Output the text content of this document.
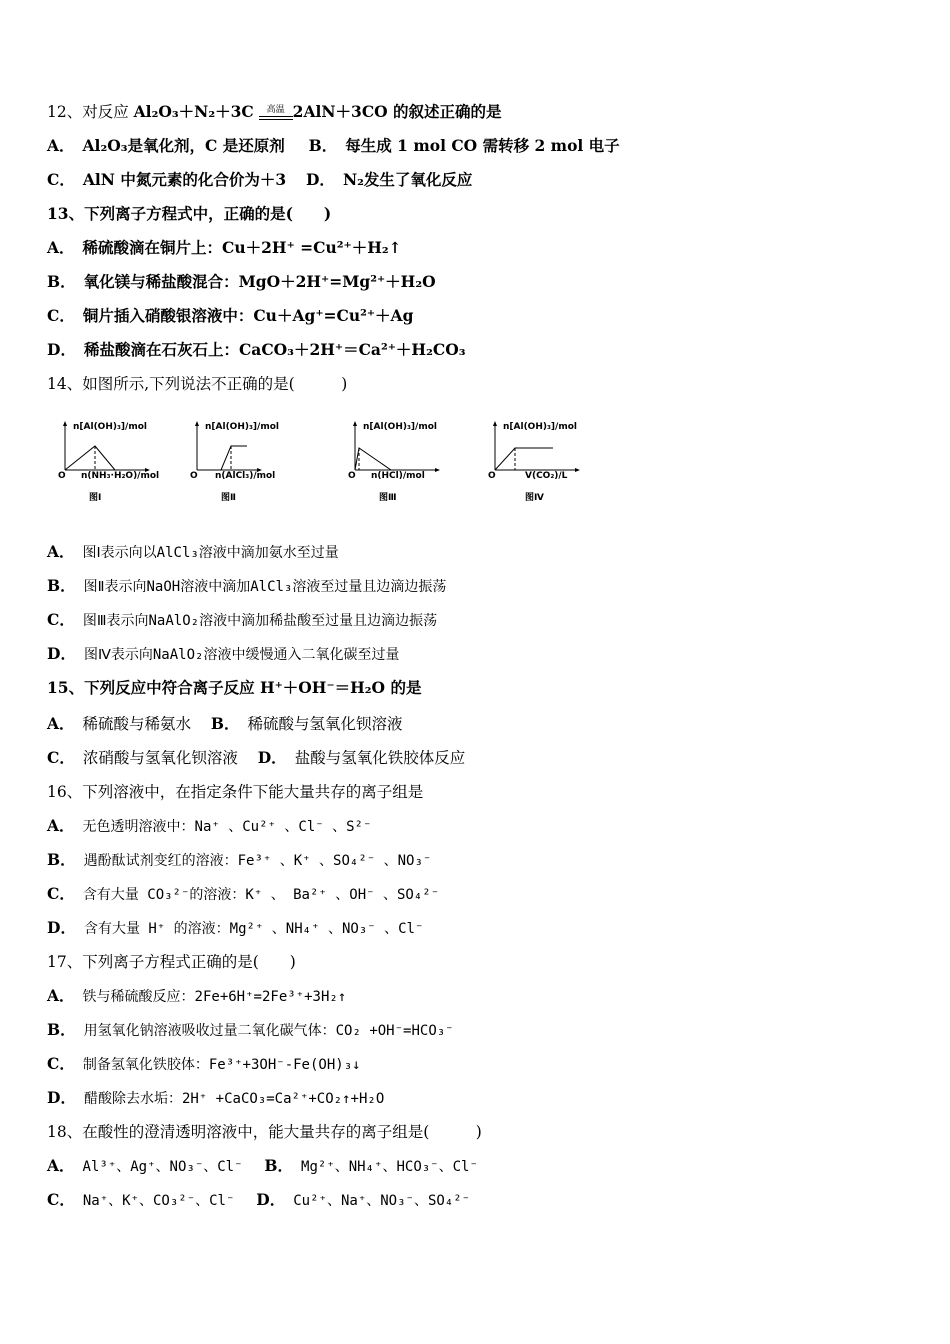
12、对反应 Al₂O₃＋N₂＋3C	高温 2AlN＋3CO 的叙述正确的是
A． Al₂O₃是氧化剂，C 是还原剂 B． 每生成 1 mol CO 需转移 2 mol 电子
C． AlN 中氮元素的化合价为＋3 D． N₂发生了氧化反应
13、下列离子方程式中，正确的是(　　)
A． 稀硫酸滴在铜片上：Cu＋2H⁺ =Cu²⁺＋H₂↑
B． 氧化镁与稀盐酸混合：MgO＋2H⁺=Mg²⁺＋H₂O
C． 铜片插入硝酸银溶液中：Cu＋Ag⁺=Cu²⁺＋Ag
D． 稀盐酸滴在石灰石上：CaCO₃＋2H⁺＝Ca²⁺＋H₂CO₃
14、如图所示,下列说法不正确的是(　　　)
n[Al(OH)₃]/mol
O n(NH₃·H₂O)/mol
图Ⅰ
n[Al(OH)₃]/mol
O n(AlCl₃)/mol
图Ⅱ
n[Al(OH)₃]/mol
O n(HCl)/mol
图Ⅲ
n[Al(OH)₃]/mol
O	V(CO₂)/L
图Ⅳ
A． 图Ⅰ表示向以AlCl₃溶液中滴加氨水至过量
B． 图Ⅱ表示向NaOH溶液中滴加AlCl₃溶液至过量且边滴边振荡
C． 图Ⅲ表示向NaAlO₂溶液中滴加稀盐酸至过量且边滴边振荡
D． 图Ⅳ表示向NaAlO₂溶液中缓慢通入二氧化碳至过量
15、下列反应中符合离子反应 H⁺＋OH⁻＝H₂O 的是
A． 稀硫酸与稀氨水 B． 稀硫酸与氢氧化钡溶液
C． 浓硝酸与氢氧化钡溶液 D． 盐酸与氢氧化铁胶体反应
16、下列溶液中，在指定条件下能大量共存的离子组是
A． 无色透明溶液中：Na⁺ 、Cu²⁺ 、Cl⁻ 、S²⁻
B． 遇酚酞试剂变红的溶液：Fe³⁺ 、K⁺ 、SO₄²⁻ 、NO₃⁻
C． 含有大量 CO₃²⁻的溶液：K⁺ 、 Ba²⁺ 、OH⁻ 、SO₄²⁻
D． 含有大量 H⁺ 的溶液：Mg²⁺ 、NH₄⁺ 、NO₃⁻ 、Cl⁻
17、下列离子方程式正确的是(　　)
A． 铁与稀硫酸反应：2Fe+6H⁺=2Fe³⁺+3H₂↑
B． 用氢氧化钠溶液吸收过量二氧化碳气体：CO₂ +OH⁻=HCO₃⁻
C． 制备氢氧化铁胶体：Fe³⁺+3OH⁻-Fe(OH)₃↓
D． 醋酸除去水垢：2H⁺ +CaCO₃=Ca²⁺+CO₂↑+H₂O
18、在酸性的澄清透明溶液中，能大量共存的离子组是(　　　)
A． Al³⁺、Ag⁺、NO₃⁻、Cl⁻ B． Mg²⁺、NH₄⁺、HCO₃⁻、Cl⁻
C． Na⁺、K⁺、CO₃²⁻、Cl⁻ D． Cu²⁺、Na⁺、NO₃⁻、SO₄²⁻
